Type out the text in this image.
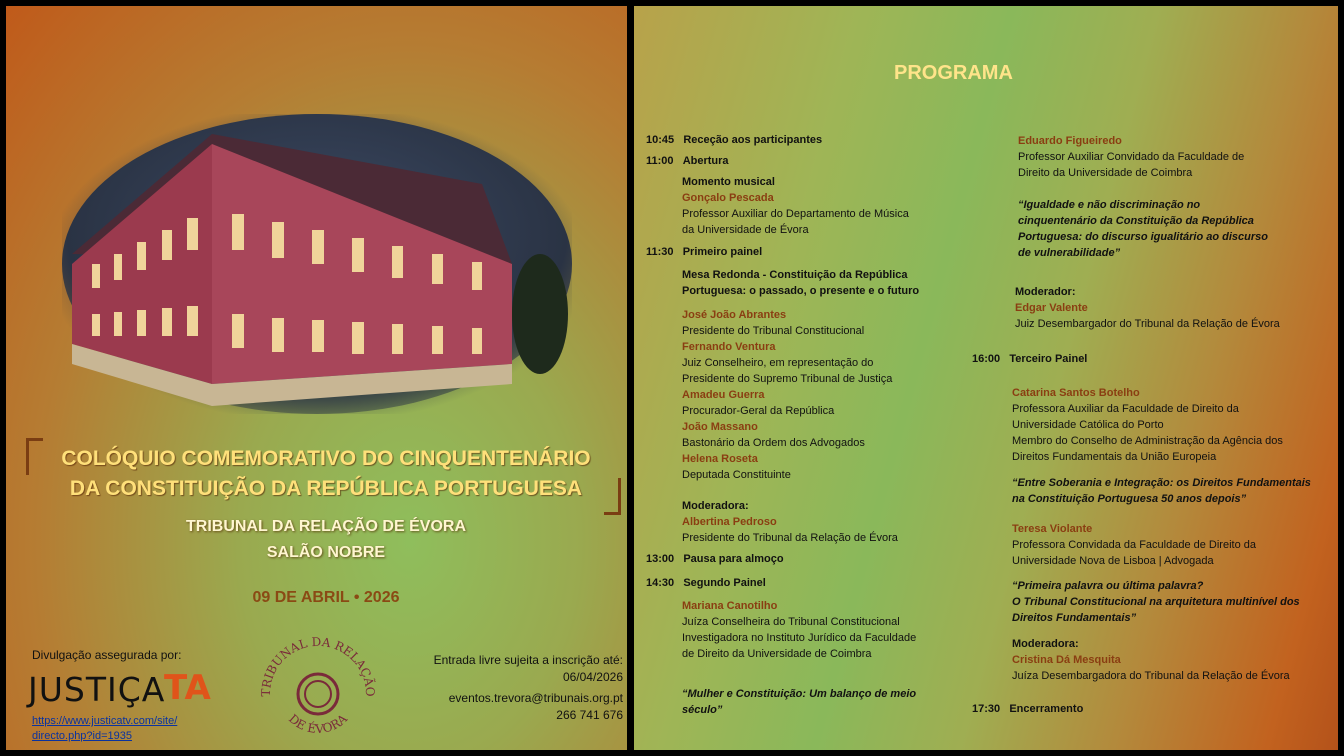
COLÓQUIO COMEMORATIVO DO CINQUENTENÁRIO
DA CONSTITUIÇÃO DA REPÚBLICA PORTUGUESA
TRIBUNAL DA RELAÇÃO DE ÉVORA
SALÃO NOBRE
09 DE ABRIL • 2026
Divulgação assegurada por:
JUSTIÇA
TA
https://www.justicatv.com/site/
directo.php?id=1935
TRIBUNAL DA RELAÇÃO
DE ÉVORA
Entrada livre sujeita a inscrição até:
06/04/2026
eventos.trevora@tribunais.org.pt
266 741 676
PROGRAMA
10:45 Receção aos participantes
11:00 Abertura
Momento musical
Gonçalo Pescada
Professor Auxiliar do Departamento de Música
da Universidade de Évora
11:30 Primeiro painel
Mesa Redonda - Constituição da República
Portuguesa: o passado, o presente e o futuro
José João Abrantes
Presidente do Tribunal Constitucional
Fernando Ventura
Juiz Conselheiro, em representação do
Presidente do Supremo Tribunal de Justiça
Amadeu Guerra
Procurador-Geral da República
João Massano
Bastonário da Ordem dos Advogados
Helena Roseta
Deputada Constituinte
Moderadora:
Albertina Pedroso
Presidente do Tribunal da Relação de Évora
13:00 Pausa para almoço
14:30 Segundo Painel
Mariana Canotilho
Juíza Conselheira do Tribunal Constitucional
Investigadora no Instituto Jurídico da Faculdade
de Direito da Universidade de Coimbra
“Mulher e Constituição: Um balanço de meio
século”
Eduardo Figueiredo
Professor Auxiliar Convidado da Faculdade de
Direito da Universidade de Coimbra
“Igualdade e não discriminação no
cinquentenário da Constituição da República
Portuguesa: do discurso igualitário ao discurso
de vulnerabilidade”
Moderador:
Edgar Valente
Juiz Desembargador do Tribunal da Relação de Évora
16:00 Terceiro Painel
Catarina Santos Botelho
Professora Auxiliar da Faculdade de Direito da
Universidade Católica do Porto
Membro do Conselho de Administração da Agência dos
Direitos Fundamentais da União Europeia
“Entre Soberania e Integração: os Direitos Fundamentais
na Constituição Portuguesa 50 anos depois”
Teresa Violante
Professora Convidada da Faculdade de Direito da
Universidade Nova de Lisboa | Advogada
“Primeira palavra ou última palavra?
O Tribunal Constitucional na arquitetura multinível dos
Direitos Fundamentais”
Moderadora:
Cristina Dá Mesquita
Juíza Desembargadora do Tribunal da Relação de Évora
17:30 Encerramento
